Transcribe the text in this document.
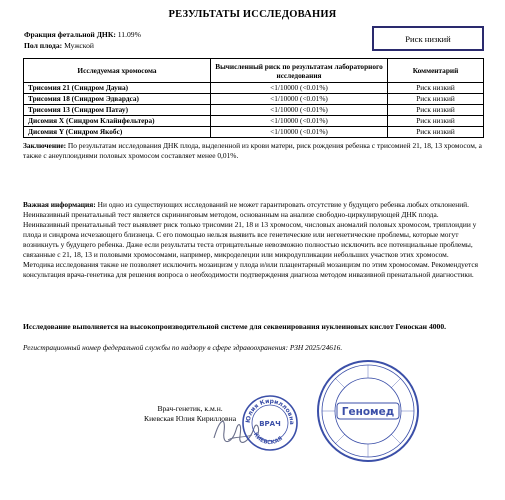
РЕЗУЛЬТАТЫ ИССЛЕДОВАНИЯ
Фракция фетальной ДНК: 11.09%
Пол плода: Мужской
Риск низкий
Исследуемая хромосома	Вычисленный риск по результатам лабораторного исследования	Комментарий
Трисомия 21 (Синдром Дауна)	<1/10000 (<0.01%)	Риск низкий
Трисомия 18 (Синдром Эдвардса)	<1/10000 (<0.01%)	Риск низкий
Трисомия 13 (Синдром Патау)	<1/10000 (<0.01%)	Риск низкий
Дисомия X (Синдром Клайнфельтера)	<1/10000 (<0.01%)	Риск низкий
Дисомия Y (Синдром Якобс)	<1/10000 (<0.01%)	Риск низкий

Заключение: По результатам исследования ДНК плода, выделенной из крови матери, риск рождения ребенка с трисомией 21, 18, 13 хромосом, а также с анеуплоидиями половых хромосом составляет менее 0,01%.

Важная информация: Ни одно из существующих исследований не может гарантировать отсутствие у будущего ребенка любых отклонений. Неинвазивный пренатальный тест является скрининговым методом, основанным на анализе свободно-циркулирующей ДНК плода.

Неинвазивный пренатальный тест выявляет риск только трисомии 21, 18 и 13 хромосом, числовых аномалий половых хромосом, триплоидии у плода и синдрома исчезающего близнеца. С его помощью нельзя выявить все генетические или негенетические проблемы, которые могут возникнуть у будущего ребенка. Даже если результаты теста отрицательные невозможно полностью исключить все потенциальные проблемы, связанные с 21, 18, 13 и половыми хромосомами, например, микроделеции или микродупликации небольших участков этих хромосом.

Методика исследования также не позволяет исключить мозаицизм у плода и/или плацентарный мозаицизм по этим хромосомам. Рекомендуется консультация врача-генетика для решения вопроса о необходимости подтверждения диагноза методом инвазивной пренатальной диагностики.

Исследование выполняется на высокопроизводительной системе для секвенирования нуклеиновых кислот Геноскан 4000.
Регистрационный номер федеральной службы по надзору в сфере здравоохранения: РЗН 2025/24616.
Врач-генетик, к.м.н.
Киевская Юлия Кирилловна Юлия Кирилловна
ВРАЧ
КИЕВСКАЯ
Геномед
